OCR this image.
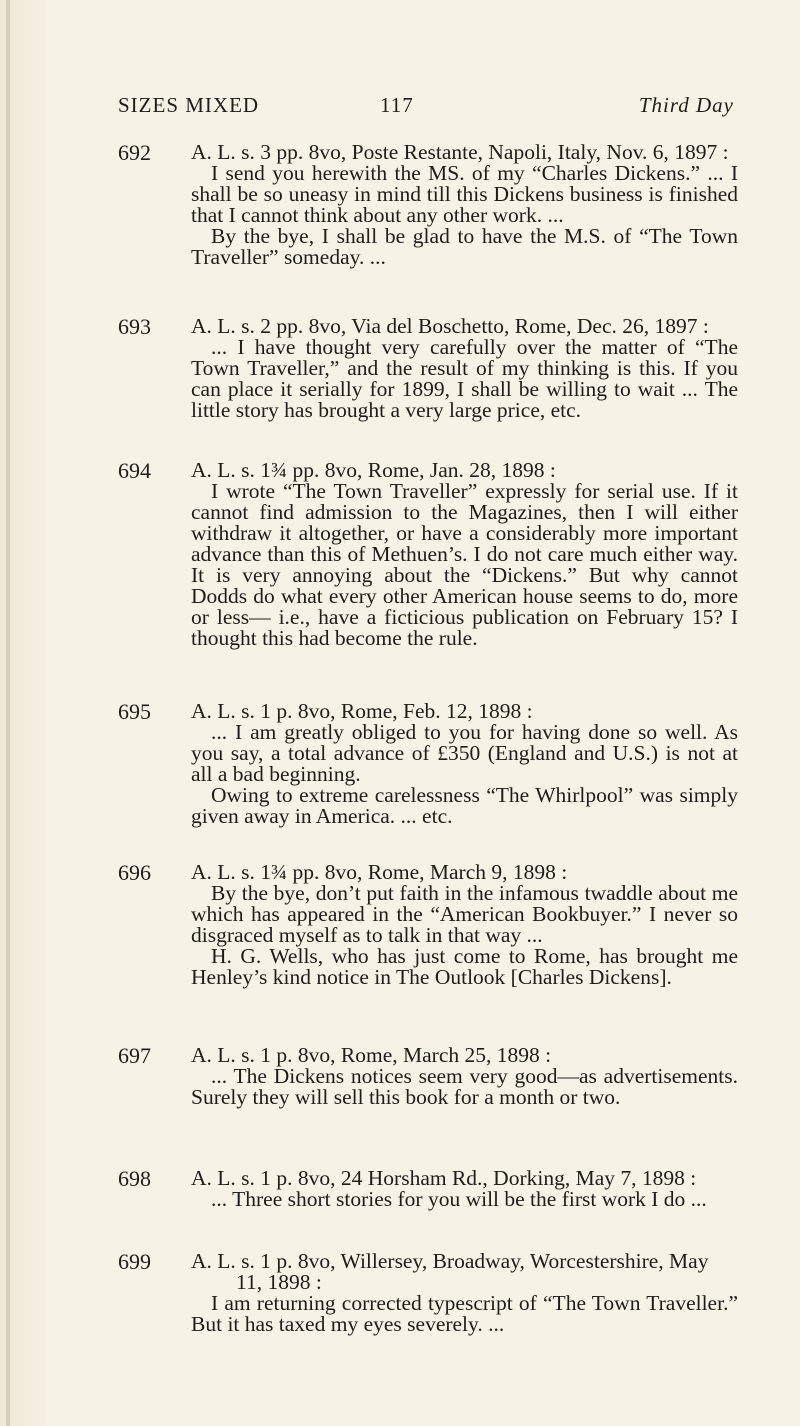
SIZES MIXED	117	Third Day
692 A. L. s. 3 pp. 8vo, Poste Restante, Napoli, Italy, Nov. 6, 1897 :

I send you herewith the MS. of my “Charles Dickens.” ... I shall be so uneasy in mind till this Dickens business is finished that I cannot think about any other work. ...

By the bye, I shall be glad to have the M.S. of “The Town Traveller” someday. ...

693 A. L. s. 2 pp. 8vo, Via del Boschetto, Rome, Dec. 26, 1897 :

... I have thought very carefully over the matter of “The Town Traveller,” and the result of my thinking is this. If you can place it serially for 1899, I shall be willing to wait ... The little story has brought a very large price, etc.

694 A. L. s. 1¾ pp. 8vo, Rome, Jan. 28, 1898 :

I wrote “The Town Traveller” expressly for serial use. If it cannot find admission to the Magazines, then I will either withdraw it altogether, or have a considerably more important advance than this of Methuen’s. I do not care much either way. It is very annoying about the “Dickens.” But why cannot Dodds do what every other American house seems to do, more or less— i.e., have a ficticious publication on February 15? I thought this had become the rule.

695 A. L. s. 1 p. 8vo, Rome, Feb. 12, 1898 :

... I am greatly obliged to you for having done so well. As you say, a total advance of £350 (England and U.S.) is not at all a bad beginning.

Owing to extreme carelessness “The Whirlpool” was simply given away in America. ... etc.

696 A. L. s. 1¾ pp. 8vo, Rome, March 9, 1898 :

By the bye, don’t put faith in the infamous twaddle about me which has appeared in the “American Bookbuyer.” I never so disgraced myself as to talk in that way ...

H. G. Wells, who has just come to Rome, has brought me Henley’s kind notice in The Outlook [Charles Dickens].

697 A. L. s. 1 p. 8vo, Rome, March 25, 1898 :

... The Dickens notices seem very good—as advertisements. Surely they will sell this book for a month or two.

698 A. L. s. 1 p. 8vo, 24 Horsham Rd., Dorking, May 7, 1898 :

... Three short stories for you will be the first work I do ...

699 A. L. s. 1 p. 8vo, Willersey, Broadway, Worcestershire, May 11, 1898 :

I am returning corrected typescript of “The Town Traveller.” But it has taxed my eyes severely. ...
